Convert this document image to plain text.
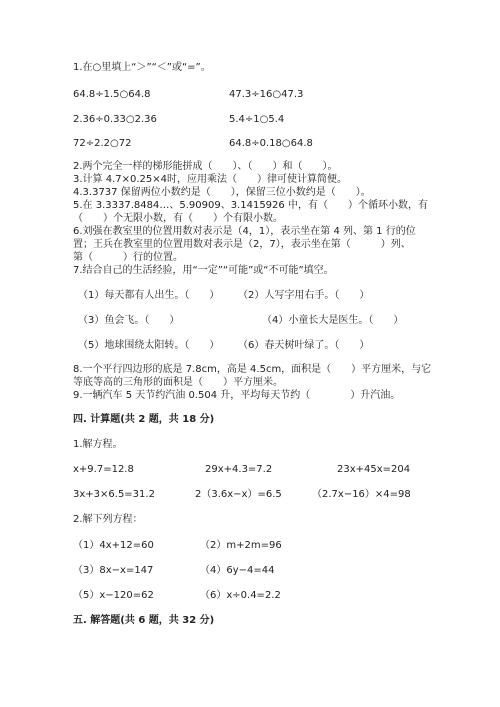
1.在○里填上“＞”“＜”或“=”。
64.8÷1.5○64.8	47.3÷16○47.3
2.36÷0.33○2.36	5.4÷1○5.4
72÷2.2○72	64.8÷0.18○64.8
2.两个完全一样的梯形能拼成（　　）、（　　）和（　　）。
3.计算 4.7×0.25×4时，应用乘法（　　）律可使计算简便。
4.3.3737 保留两位小数约是（　　），保留三位小数约是（　　）。
5.在 3.3337.8484…、5.90909、3.1415926 中，有（　　）个循环小数，有
（　　）个无限小数，有（　　）个有限小数。
6.刘强在教室里的位置用数对表示是（4，1），表示坐在第 4 列、第 1 行的位
置；王兵在教室里的位置用数对表示是（2，7），表示坐在第（　　　）列、
第（　　　）行的位置。
7.结合自己的生活经验，用“一定”“可能”或“不可能”填空。
（1）每天都有人出生。（　　） （2）人写字用右手。（　　）
（3）鱼会飞。（　　）	（4）小童长大是医生。（　　）
（5）地球围绕太阳转。（　　） （6）春天树叶绿了。（　　）
8.一个平行四边形的底是 7.8cm，高是 4.5cm，面积是（　　）平方厘米，与它
等底等高的三角形的面积是（　　）平方厘米。
9.一辆汽车 5 天节约汽油 0.504 升，平均每天节约（　　　　）升汽油。
四. 计算题(共 2 题，共 18 分)
1.解方程。
x+9.7=12.8	29x+4.3=7.2	23x+45x=204
3x+3×6.5=31.2	2（3.6x−x）=6.5	（2.7x−16）×4=98
2.解下列方程：
（1）4x+12=60	（2）m+2m=96
（3）8x−x=147	（4）6y−4=44
（5）x−120=62	（6）x÷0.4=2.2
五. 解答题(共 6 题，共 32 分)
